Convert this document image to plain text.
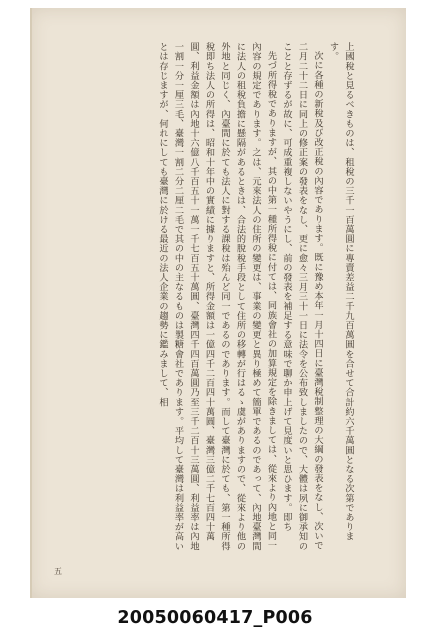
上國稅と見るべきものは、租稅の三千一百萬圓に專賣差益二千九百萬圓を合せて合計約六千萬圓となる次第であります。

次に各種の新稅及び改正稅の內容であります。既に豫め本年一月十四日に臺灣稅制整理の大綱の發表をなし、次いで二月二十二日に同上の修正案の發表をなし、更に愈々三月三十一日に法令を公布致しましたので、大體は夙に御承知のことと存ずるが故に、可成重複しないやうにし、前の發表を補足する意味で聊か申上げて見度いと思ひます。即ち

先づ所得稅でありますが、其の中第一種所得稅に付ては、同族會社の加算規定を除きましては、從來より內地と同一內容の規定であります。之は、元來法人の住所の變更は、事業の變更と異り極めて簡單であるのであって、內地臺灣間に法人の租稅負擔に懸隔があるときは、合法的脫稅手段として住所の移轉が行はるゝ虞がありますので、從來より他の外地と同じく、內臺間に於ても法人に對する課稅は殆んど同一であるのであります。而して臺灣に於ても、第一種所得稅即ち法人の所得は、昭和十年中の實績に據りますと、所得金額は一億四千二百四十萬圓、臺灣三億二千七百四十萬圓、利益金額は內地十六億八千百五十一萬一千七百五十萬圓、臺灣四千四百萬圓乃至三千二百十三萬圓、利益率は內地一割一分一厘三毛、臺灣一割二分二厘二毛で其の中の主なるものは製糖會社であります。平均して臺灣は利益率が高いとは存じますが、何れにしても臺灣に於ける最近の法人企業の趨勢に鑑みまして、相

五
20050060417_P006
